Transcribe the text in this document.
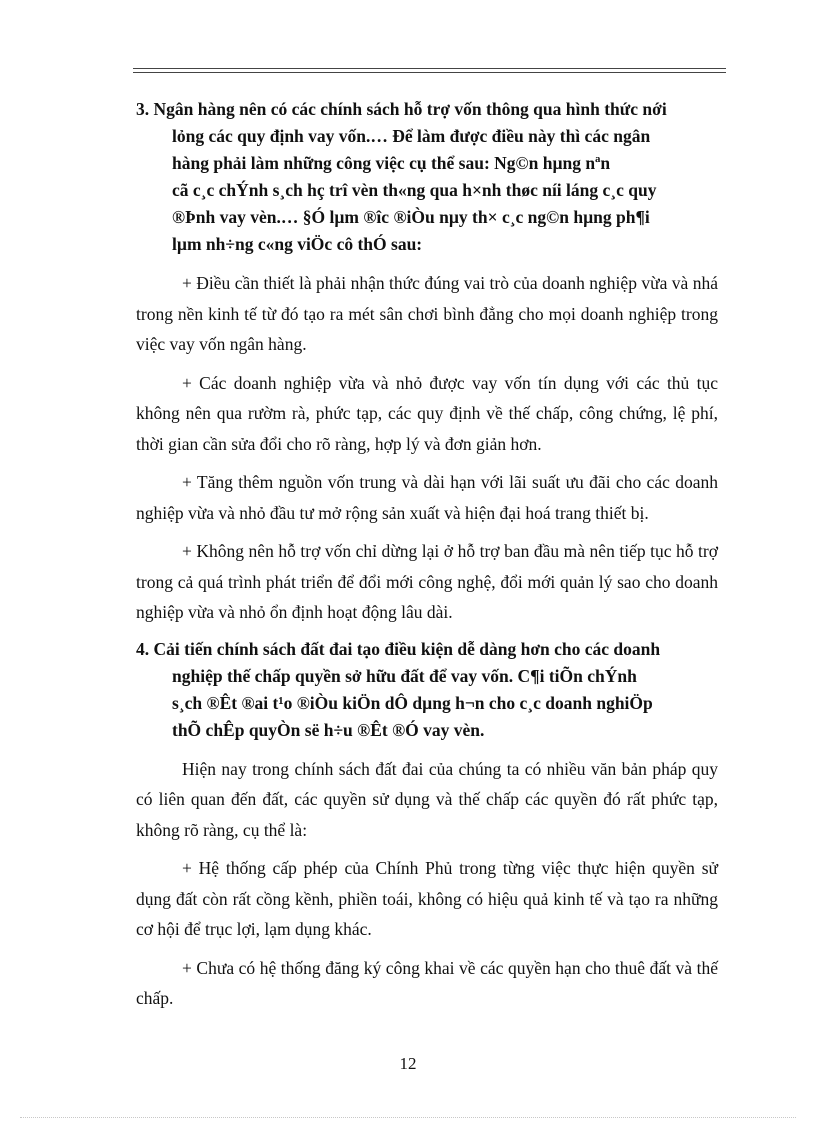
3. Ngân hàng nên có các chính sách hỗ trợ vốn thông qua hình thức nới
lỏng các quy định vay vốn.… Để làm được điều này thì các ngân
hàng phải làm những công việc cụ thể sau: Ng©n hµng nªn
cã c¸c chÝnh s¸ch hç trî vèn th«ng qua h×nh thøc níi láng c¸c quy
®Þnh vay vèn.… §Ó lµm ®îc ®iÒu nµy th× c¸c ng©n hµng ph¶i
lµm nh÷ng c«ng viÖc cô thÓ sau:

+ Điều cần thiết là phải nhận thức đúng vai trò của doanh nghiệp vừa và nhá trong nền kinh tế từ đó tạo ra mét sân chơi bình đẳng cho mọi doanh nghiệp trong việc vay vốn ngân hàng.

+ Các doanh nghiệp vừa và nhỏ được vay vốn tín dụng với các thủ tục không nên qua rườm rà, phức tạp, các quy định về thế chấp, công chứng, lệ phí, thời gian cần sửa đổi cho rõ ràng, hợp lý và đơn giản hơn.

+ Tăng thêm nguồn vốn trung và dài hạn với lãi suất ưu đãi cho các doanh nghiệp vừa và nhỏ đầu tư mở rộng sản xuất và hiện đại hoá trang thiết bị.

+ Không nên hỗ trợ vốn chỉ dừng lại ở hỗ trợ ban đầu mà nên tiếp tục hỗ trợ trong cả quá trình phát triển để đổi mới công nghệ, đổi mới quản lý sao cho doanh nghiệp vừa và nhỏ ổn định hoạt động lâu dài.

4. Cải tiến chính sách đất đai tạo điều kiện dễ dàng hơn cho các doanh
nghiệp thế chấp quyền sở hữu đất để vay vốn. C¶i tiÕn chÝnh
s¸ch ®Êt ®ai t¹o ®iÒu kiÖn dÔ dµng h¬n cho c¸c doanh nghiÖp
thÕ chÊp quyÒn së h÷u ®Êt ®Ó vay vèn.

Hiện nay trong chính sách đất đai của chúng ta có nhiều văn bản pháp quy có liên quan đến đất, các quyền sử dụng và thế chấp các quyền đó rất phức tạp, không rõ ràng, cụ thể là:

+ Hệ thống cấp phép của Chính Phủ trong từng việc thực hiện quyền sử dụng đất còn rất cồng kềnh, phiền toái, không có hiệu quả kinh tế và tạo ra những cơ hội để trục lợi, lạm dụng khác.

+ Chưa có hệ thống đăng ký công khai về các quyền hạn cho thuê đất và thế chấp.

12
